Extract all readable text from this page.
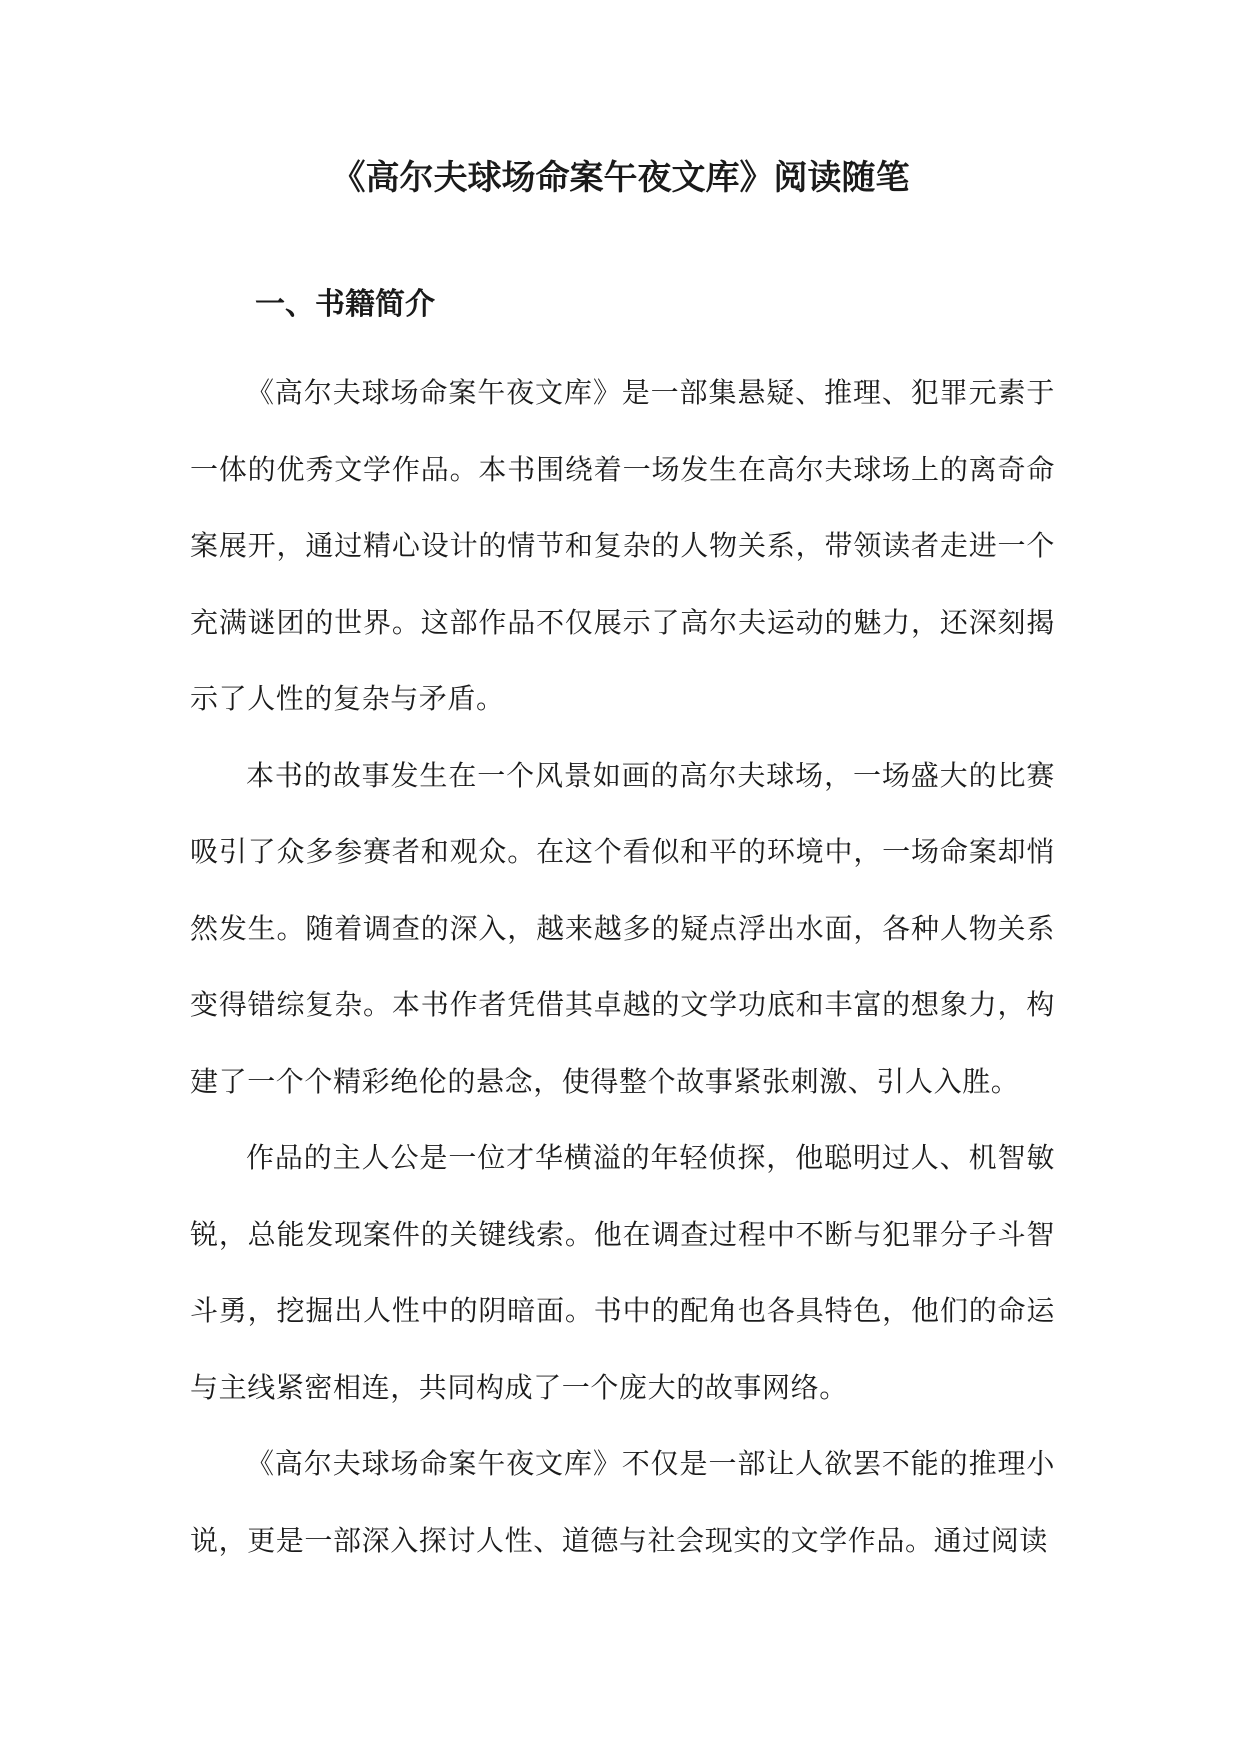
《高尔夫球场命案午夜文库》阅读随笔
一、书籍简介

《高尔夫球场命案午夜文库》是一部集悬疑、推理、犯罪元素于一体的优秀文学作品。本书围绕着一场发生在高尔夫球场上的离奇命案展开，通过精心设计的情节和复杂的人物关系，带领读者走进一个充满谜团的世界。这部作品不仅展示了高尔夫运动的魅力，还深刻揭示了人性的复杂与矛盾。

本书的故事发生在一个风景如画的高尔夫球场，一场盛大的比赛吸引了众多参赛者和观众。在这个看似和平的环境中，一场命案却悄然发生。随着调查的深入，越来越多的疑点浮出水面，各种人物关系变得错综复杂。本书作者凭借其卓越的文学功底和丰富的想象力，构建了一个个精彩绝伦的悬念，使得整个故事紧张刺激、引人入胜。

作品的主人公是一位才华横溢的年轻侦探，他聪明过人、机智敏锐，总能发现案件的关键线索。他在调查过程中不断与犯罪分子斗智斗勇，挖掘出人性中的阴暗面。书中的配角也各具特色，他们的命运与主线紧密相连，共同构成了一个庞大的故事网络。

《高尔夫球场命案午夜文库》不仅是一部让人欲罢不能的推理小说，更是一部深入探讨人性、道德与社会现实的文学作品。通过阅读
